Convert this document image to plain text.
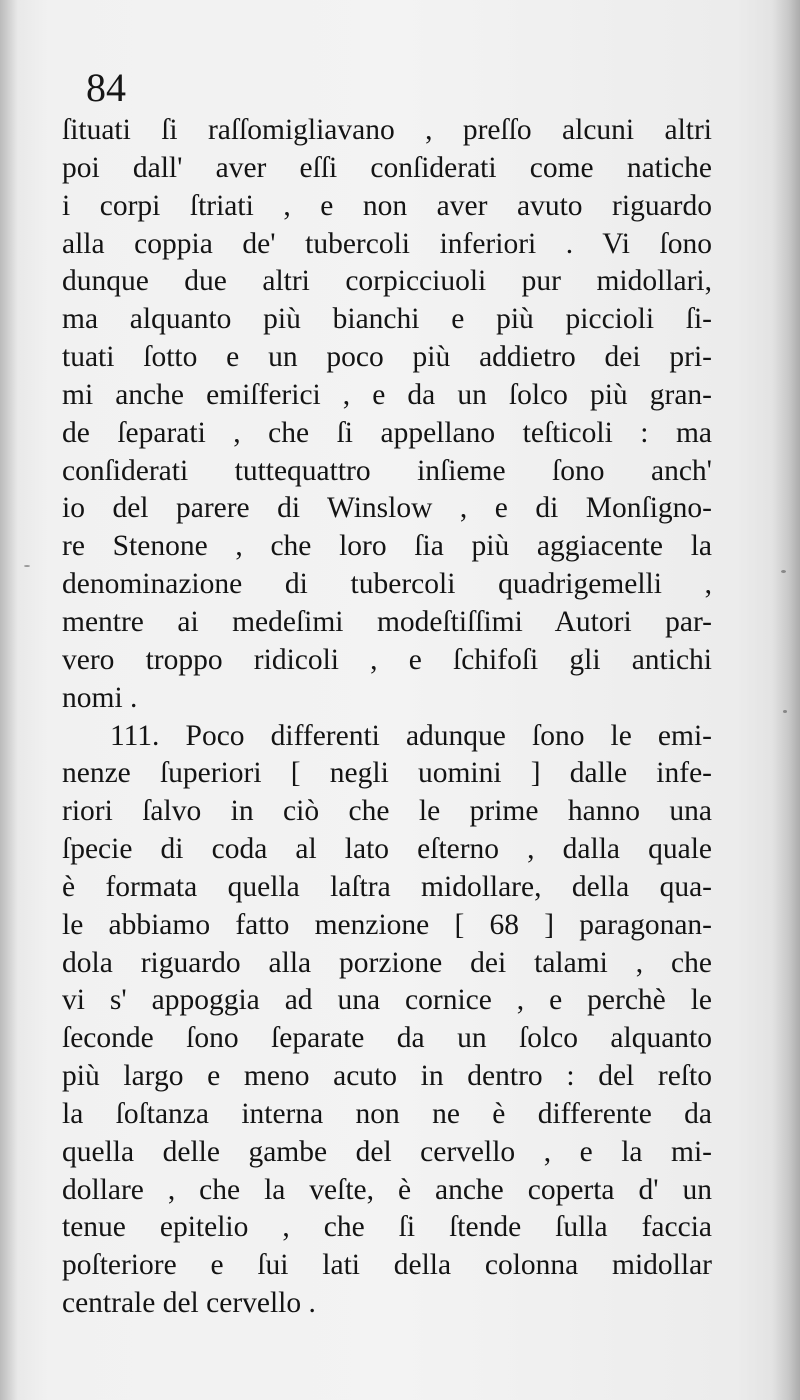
84
ſituati ſi raſſomigliavano , preſſo alcuni altri
poi dall' aver eſſi conſiderati come natiche
i corpi ſtriati , e non aver avuto riguardo
alla coppia de' tubercoli inferiori . Vi ſono
dunque due altri corpicciuoli pur midollari,
ma alquanto più bianchi e più piccioli ſi-
tuati ſotto e un poco più addietro dei pri-
mi anche emiſferici , e da un ſolco più gran-
de ſeparati , che ſi appellano teſticoli : ma
conſiderati tuttequattro inſieme ſono anch'
io del parere di Winslow , e di Monſigno-
re Stenone , che loro ſia più aggiacente la
denominazione di tubercoli quadrigemelli ,
mentre ai medeſimi modeſtiſſimi Autori par-
vero troppo ridicoli , e ſchifoſi gli antichi
nomi .
111. Poco differenti adunque ſono le emi-
nenze ſuperiori [ negli uomini ] dalle infe-
riori ſalvo in ciò che le prime hanno una
ſpecie di coda al lato eſterno , dalla quale
è formata quella laſtra midollare, della qua-
le abbiamo fatto menzione [ 68 ] paragonan-
dola riguardo alla porzione dei talami , che
vi s' appoggia ad una cornice , e perchè le
ſeconde ſono ſeparate da un ſolco alquanto
più largo e meno acuto in dentro : del reſto
la ſoſtanza interna non ne è differente da
quella delle gambe del cervello , e la mi-
dollare , che la veſte, è anche coperta d' un
tenue epitelio , che ſi ſtende ſulla faccia
poſteriore e ſui lati della colonna midollar
centrale del cervello .
